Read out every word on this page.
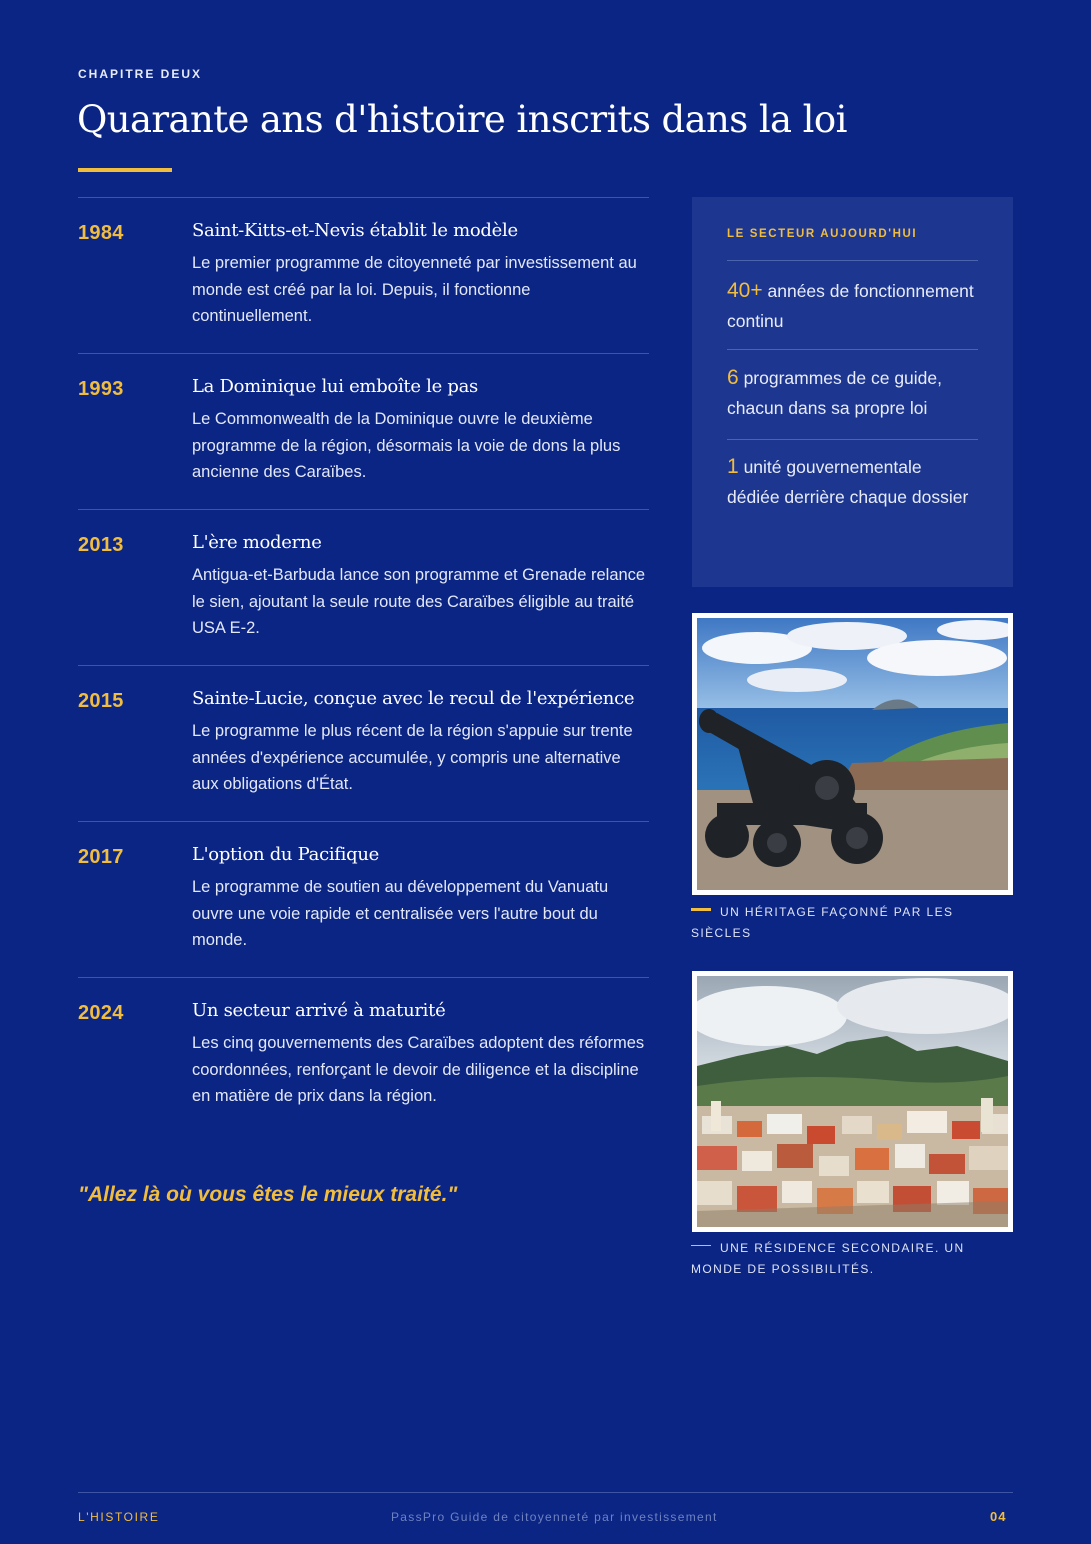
CHAPITRE DEUX
Quarante ans d'histoire inscrits dans la loi
1984	Saint-Kitts-et-Nevis établit le modèle

Le premier programme de citoyenneté par investissement au monde est créé par la loi. Depuis, il fonctionne continuellement.

1993	La Dominique lui emboîte le pas

Le Commonwealth de la Dominique ouvre le deuxième programme de la région, désormais la voie de dons la plus ancienne des Caraïbes.

2013	L'ère moderne

Antigua-et-Barbuda lance son programme et Grenade relance le sien, ajoutant la seule route des Caraïbes éligible au traité USA E-2.

2015	Sainte-Lucie, conçue avec le recul de l'expérience

Le programme le plus récent de la région s'appuie sur trente années d'expérience accumulée, y compris une alternative aux obligations d'État.

2017	L'option du Pacifique

Le programme de soutien au développement du Vanuatu ouvre une voie rapide et centralisée vers l'autre bout du monde.

2024	Un secteur arrivé à maturité

Les cinq gouvernements des Caraïbes adoptent des réformes coordonnées, renforçant le devoir de diligence et la discipline en matière de prix dans la région.

"Allez là où vous êtes le mieux traité."
LE SECTEUR AUJOURD'HUI

40+ années de fonctionnement continu

6 programmes de ce guide, chacun dans sa propre loi

1 unité gouvernementale dédiée derrière chaque dossier

UN HÉRITAGE FAÇONNÉ PAR LES SIÈCLES

UNE RÉSIDENCE SECONDAIRE. UN MONDE DE POSSIBILITÉS.

L'HISTOIRE	PassPro Guide de citoyenneté par investissement	04
